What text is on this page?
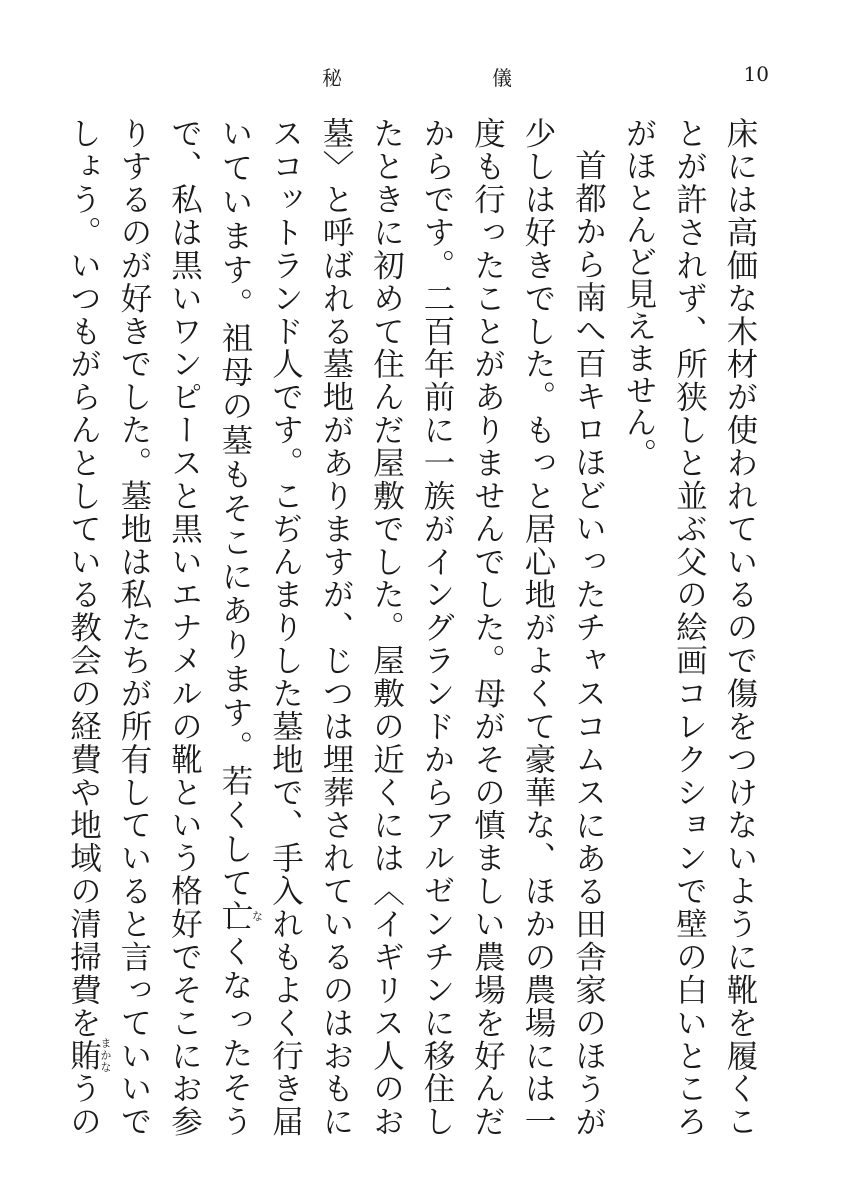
秘	儀	10

床には高価な木材が使われているので傷をつけないように靴を履くことが許されず、所狭しと並ぶ父の絵画コレクションで壁の白いところがほとんど見えません。

首都から南へ百キロほどいったチャスコムスにある田舎家のほうが少しは好きでした。もっと居心地がよくて豪華な、ほかの農場には一度も行ったことがありませんでした。母がその慎ましい農場を好んだからです。二百年前に一族がイングランドからアルゼンチンに移住したときに初めて住んだ屋敷でした。屋敷の近くには〈イギリス人のお墓〉と呼ばれる墓地がありますが、じつは埋葬されているのはおもにスコットランド人です。こぢんまりした墓地で、手入れもよく行き届いています。祖母の墓もそこにあります。若くして亡なくなったそうで、私は黒いワンピースと黒いエナメルの靴という格好でそこにお参りするのが好きでした。墓地は私たちが所有していると言っていいでしょう。いつもがらんとしている教会の経費や地域の清掃費を賄まかなうの
